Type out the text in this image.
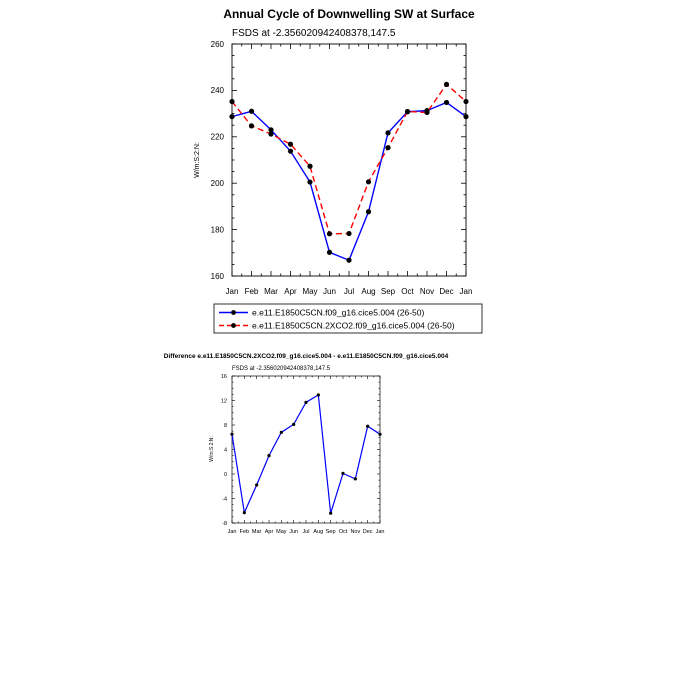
Annual Cycle of Downwelling SW at Surface
FSDS at -2.356020942408378,147.5
W/m:S:2:N:
160
180
200
220
240
260
Jan Feb Mar Apr May Jun Jul Aug Sep Oct Nov Dec Jan
e.e11.E1850C5CN.f09_g16.cice5.004 (26-50)
e.e11.E1850C5CN.2XCO2.f09_g16.cice5.004 (26-50)
Difference e.e11.E1850C5CN.2XCO2.f09_g16.cice5.004 - e.e11.E1850C5CN.f09_g16.cice5.004
FSDS at -2.356020942408378,147.5
W/m:S:2:N:
-8
-4
0
4
8
12
16
Jan Feb Mar Apr May Jun Jul Aug Sep Oct Nov Dec Jan
